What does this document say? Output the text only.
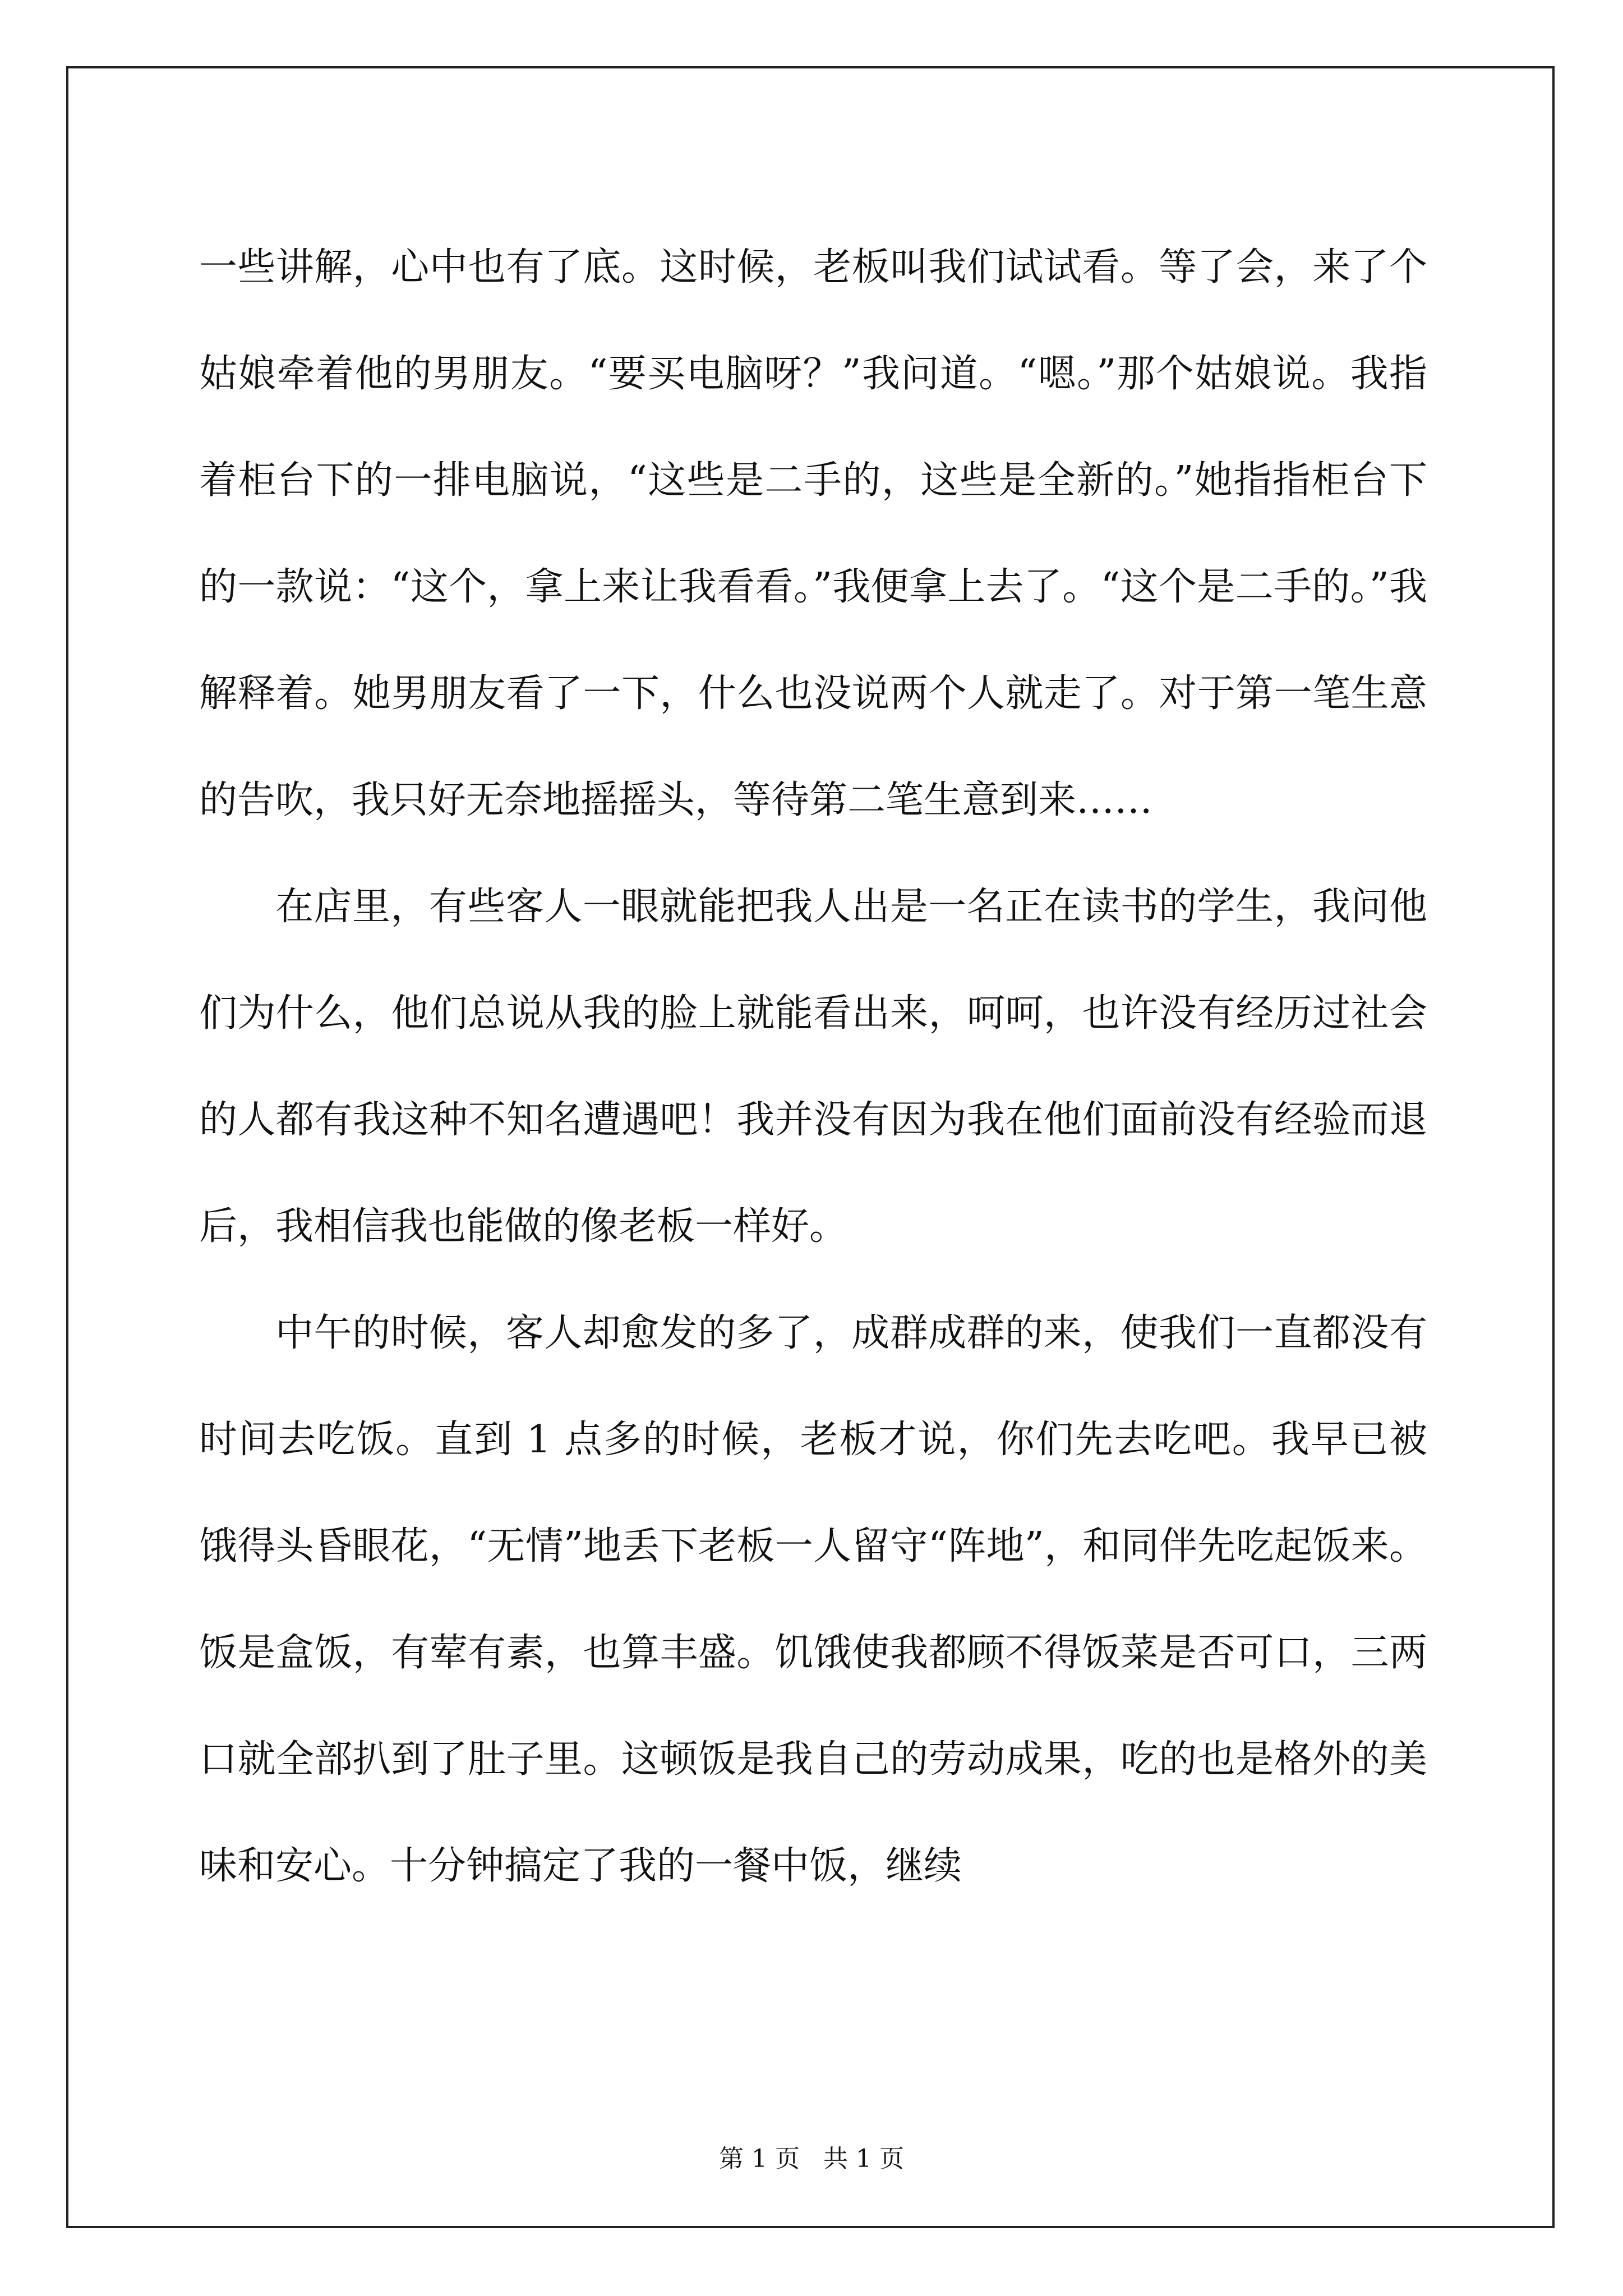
一些讲解，心中也有了底。这时候，老板叫我们试试看。等了会，来了个姑娘牵着他的男朋友。“要买电脑呀？”我问道。“嗯。”那个姑娘说。我指着柜台下的一排电脑说，“这些是二手的，这些是全新的。”她指指柜台下的一款说：“这个，拿上来让我看看。”我便拿上去了。“这个是二手的。”我解释着。她男朋友看了一下，什么也没说两个人就走了。对于第一笔生意的告吹，我只好无奈地摇摇头，等待第二笔生意到来……

在店里，有些客人一眼就能把我人出是一名正在读书的学生，我问他们为什么，他们总说从我的脸上就能看出来，呵呵，也许没有经历过社会的人都有我这种不知名遭遇吧！我并没有因为我在他们面前没有经验而退后，我相信我也能做的像老板一样好。

中午的时候，客人却愈发的多了，成群成群的来，使我们一直都没有时间去吃饭。直到 1 点多的时候，老板才说，你们先去吃吧。我早已被饿得头昏眼花，“无情”地丢下老板一人留守“阵地”，和同伴先吃起饭来。饭是盒饭，有荤有素，也算丰盛。饥饿使我都顾不得饭菜是否可口，三两口就全部扒到了肚子里。这顿饭是我自己的劳动成果，吃的也是格外的美味和安心。十分钟搞定了我的一餐中饭，继续

第 1 页 共 1 页
